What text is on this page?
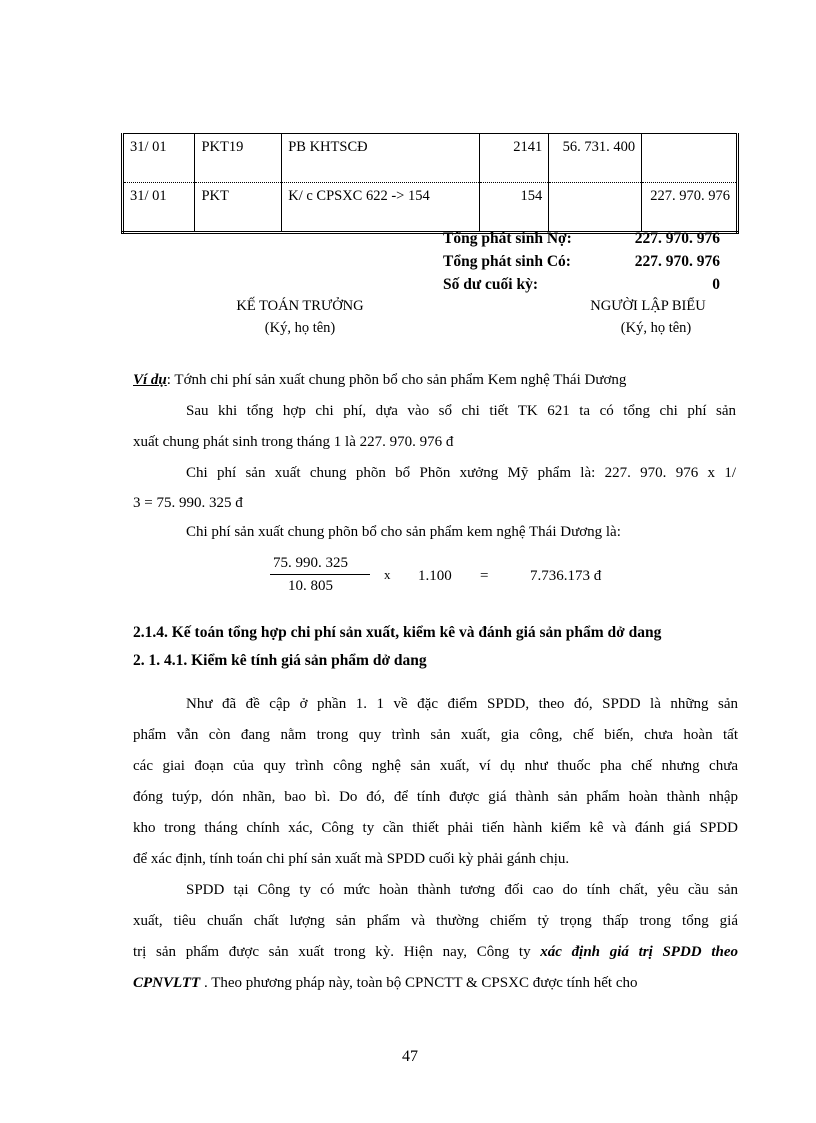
31/ 01	PKT19	PB KHTSCĐ	2141	56. 731. 400	
31/ 01	PKT	K/ c CPSXC 622 -> 154	154		227. 970. 976
Tổng phát sinh Nợ:	227. 970. 976
Tổng phát sinh Có:	227. 970. 976
Số dư cuối kỳ:	0
KẾ TOÁN TRƯỞNG
(Ký, họ tên)
NGƯỜI LẬP BIỂU
(Ký, họ tên)
Ví dụ: Tớnh chi phí sản xuất chung phõn bổ cho sản phẩm Kem nghệ Thái Dương
Sau khi tổng hợp chi phí, dựa vào sổ chi tiết TK 621 ta có tổng chi phí sản
xuất chung phát sinh trong tháng 1 là 227. 970. 976 đ
Chi phí sản xuất chung phõn bổ Phõn xưởng Mỹ phẩm là: 227. 970. 976 x 1/
3 = 75. 990. 325 đ
Chi phí sản xuất chung phõn bổ cho sản phẩm kem nghệ Thái Dương là:
75. 990. 325
10. 805
x 1.100 =	7.736.173 đ
2.1.4. Kế toán tổng hợp chi phí sản xuất, kiểm kê và đánh giá sản phẩm dở dang
2. 1. 4.1. Kiểm kê tính giá sản phẩm dở dang
Như đã đề cập ở phần 1. 1 về đặc điểm SPDD, theo đó, SPDD là những sản
phẩm vẫn còn đang nằm trong quy trình sản xuất, gia công, chế biến, chưa hoàn tất
các giai đoạn của quy trình công nghệ sản xuất, ví dụ như thuốc pha chế nhưng chưa
đóng tuýp, dón nhãn, bao bì. Do đó, để tính được giá thành sản phẩm hoàn thành nhập
kho trong tháng chính xác, Công ty cần thiết phải tiến hành kiểm kê và đánh giá SPDD
để xác định, tính toán chi phí sản xuất mà SPDD cuối kỳ phải gánh chịu.
SPDD tại Công ty có mức hoàn thành tương đối cao do tính chất, yêu cầu sản
xuất, tiêu chuẩn chất lượng sản phẩm và thường chiếm tỷ trọng thấp trong tổng giá
trị sản phẩm được sản xuất trong kỳ. Hiện nay, Công ty xác định giá trị SPDD theo
CPNVLTT . Theo phương pháp này, toàn bộ CPNCTT & CPSXC được tính hết cho
47
